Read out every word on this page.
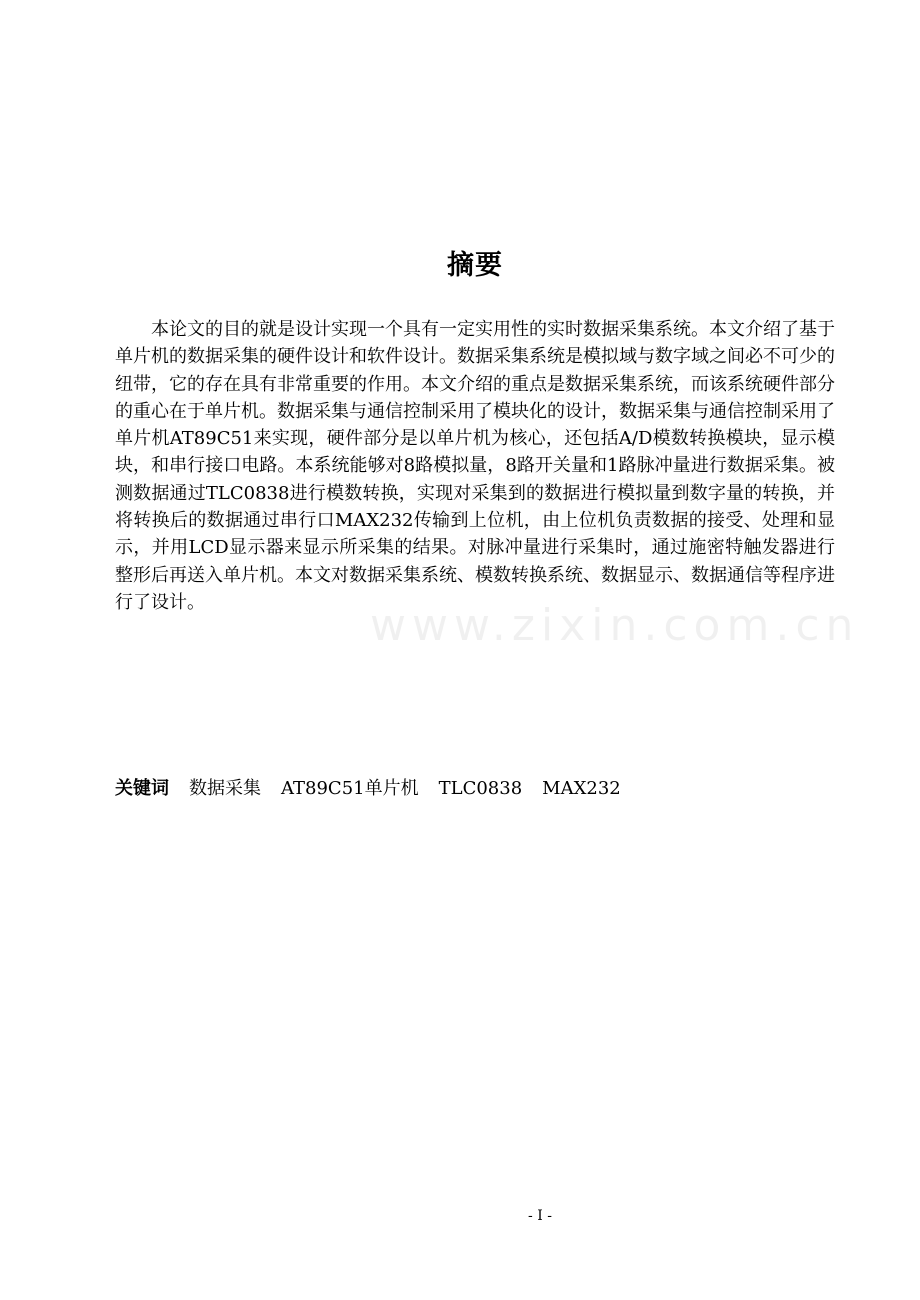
摘要
www.zixin.com.cn

本论文的目的就是设计实现一个具有一定实用性的实时数据采集系统。本文介绍了基于单片机的数据采集的硬件设计和软件设计。数据采集系统是模拟域与数字域之间必不可少的纽带，它的存在具有非常重要的作用。本文介绍的重点是数据采集系统，而该系统硬件部分的重心在于单片机。数据采集与通信控制采用了模块化的设计，数据采集与通信控制采用了单片机AT89C51来实现，硬件部分是以单片机为核心，还包括A/D模数转换模块，显示模块，和串行接口电路。本系统能够对8路模拟量，8路开关量和1路脉冲量进行数据采集。被测数据通过TLC0838进行模数转换，实现对采集到的数据进行模拟量到数字量的转换，并将转换后的数据通过串行口MAX232传输到上位机，由上位机负责数据的接受、处理和显示，并用LCD显示器来显示所采集的结果。对脉冲量进行采集时，通过施密特触发器进行整形后再送入单片机。本文对数据采集系统、模数转换系统、数据显示、数据通信等程序进行了设计。

关键词 数据采集 AT89C51单片机 TLC0838 MAX232
- I -
